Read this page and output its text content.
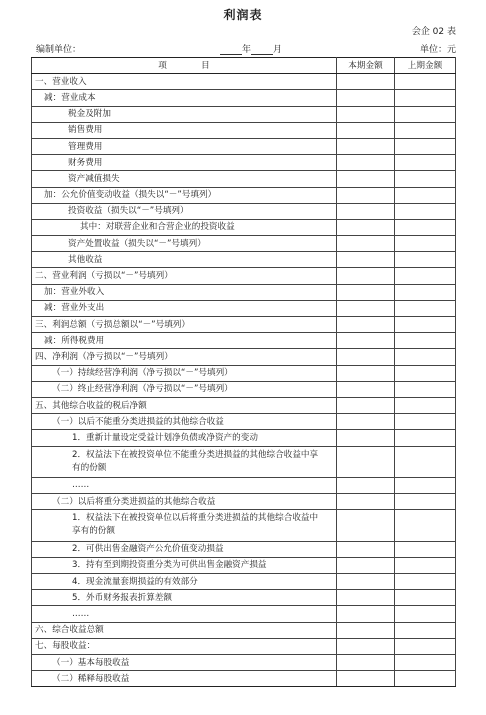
利润表
会企 02 表
编制单位：	年 月	单位：元
项　　　　目	本期金额	上期金额
一、营业收入		
减：营业成本		
税金及附加		
销售费用		
管理费用		
财务费用		
资产减值损失		
加：公允价值变动收益（损失以“－”号填列）		
投资收益（损失以“－”号填列）		
其中：对联营企业和合营企业的投资收益		
资产处置收益（损失以“－”号填列）		
其他收益		
二、营业利润（亏损以“－”号填列）		
加：营业外收入		
减：营业外支出		
三、利润总额（亏损总额以“－”号填列）		
减：所得税费用		
四、净利润（净亏损以“－”号填列）		
（一）持续经营净利润（净亏损以“－”号填列）		
（二）终止经营净利润（净亏损以“－”号填列）		
五、其他综合收益的税后净额		
（一）以后不能重分类进损益的其他综合收益		
1．重新计量设定受益计划净负债或净资产的变动		
2．权益法下在被投资单位不能重分类进损益的其他综合收益中享有的份额		
……		
（二）以后将重分类进损益的其他综合收益		
1．权益法下在被投资单位以后将重分类进损益的其他综合收益中享有的份额		
2．可供出售金融资产公允价值变动损益		
3．持有至到期投资重分类为可供出售金融资产损益		
4．现金流量套期损益的有效部分		
5．外币财务报表折算差额		
……		
六、综合收益总额		
七、每股收益：		
（一）基本每股收益		
（二）稀释每股收益		
